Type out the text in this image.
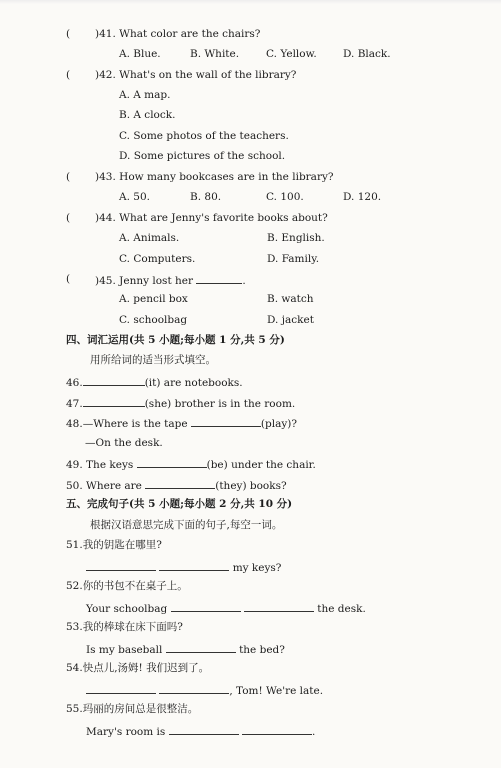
( )41. What color are the chairs?
A. Blue.	B. White.	C. Yellow.	D. Black.
( )42. What's on the wall of the library?
A. A map.
B. A clock.
C. Some photos of the teachers.
D. Some pictures of the school.
( )43. How many bookcases are in the library?
A. 50.	B. 80.	C. 100.	D. 120.
( )44. What are Jenny's favorite books about?
A. Animals.	B. English.
C. Computers.	D. Family.
( )45. Jenny lost her	.
A. pencil box	B. watch
C. schoolbag	D. jacket
四、词汇运用(共 5 小题;每小题 1 分,共 5 分)
用所给词的适当形式填空。
46.	(it) are notebooks.
47.	(she) brother is in the room.
48.—Where is the tape	(play)?
—On the desk.
49. The keys	(be) under the chair.
50. Where are	(they) books?
五、完成句子(共 5 小题;每小题 2 分,共 10 分)
根据汉语意思完成下面的句子,每空一词。
51.我的钥匙在哪里?
my keys?
52.你的书包不在桌子上。
Your schoolbag	the desk.
53.我的棒球在床下面吗?
Is my baseball	the bed?
54.快点儿,汤姆! 我们迟到了。
, Tom! We're late.
55.玛丽的房间总是很整洁。
Mary's room is	.
